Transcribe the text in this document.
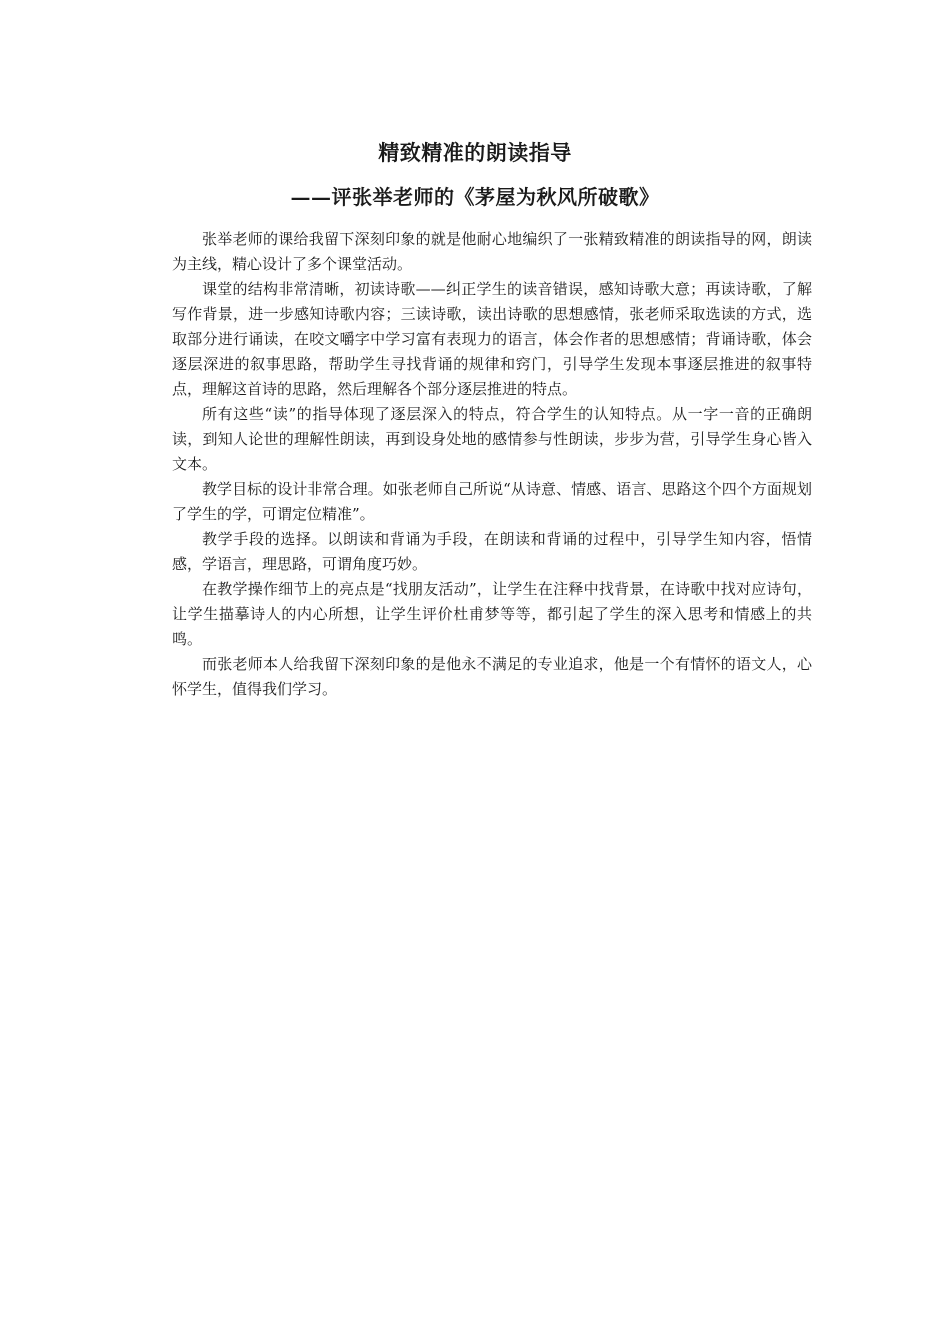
精致精准的朗读指导
——评张举老师的《茅屋为秋风所破歌》

张举老师的课给我留下深刻印象的就是他耐心地编织了一张精致精准的朗读指导的网，朗读为主线，精心设计了多个课堂活动。

课堂的结构非常清晰，初读诗歌——纠正学生的读音错误，感知诗歌大意；再读诗歌，了解写作背景，进一步感知诗歌内容；三读诗歌，读出诗歌的思想感情，张老师采取选读的方式，选取部分进行诵读，在咬文嚼字中学习富有表现力的语言，体会作者的思想感情；背诵诗歌，体会逐层深进的叙事思路，帮助学生寻找背诵的规律和窍门，引导学生发现本事逐层推进的叙事特点，理解这首诗的思路，然后理解各个部分逐层推进的特点。

所有这些“读”的指导体现了逐层深入的特点，符合学生的认知特点。从一字一音的正确朗读，到知人论世的理解性朗读，再到设身处地的感情参与性朗读，步步为营，引导学生身心皆入文本。

教学目标的设计非常合理。如张老师自己所说“从诗意、情感、语言、思路这个四个方面规划了学生的学，可谓定位精准”。

教学手段的选择。以朗读和背诵为手段，在朗读和背诵的过程中，引导学生知内容，悟情感，学语言，理思路，可谓角度巧妙。

在教学操作细节上的亮点是“找朋友活动”，让学生在注释中找背景，在诗歌中找对应诗句，让学生描摹诗人的内心所想，让学生评价杜甫梦等等，都引起了学生的深入思考和情感上的共鸣。

而张老师本人给我留下深刻印象的是他永不满足的专业追求，他是一个有情怀的语文人，心怀学生，值得我们学习。
